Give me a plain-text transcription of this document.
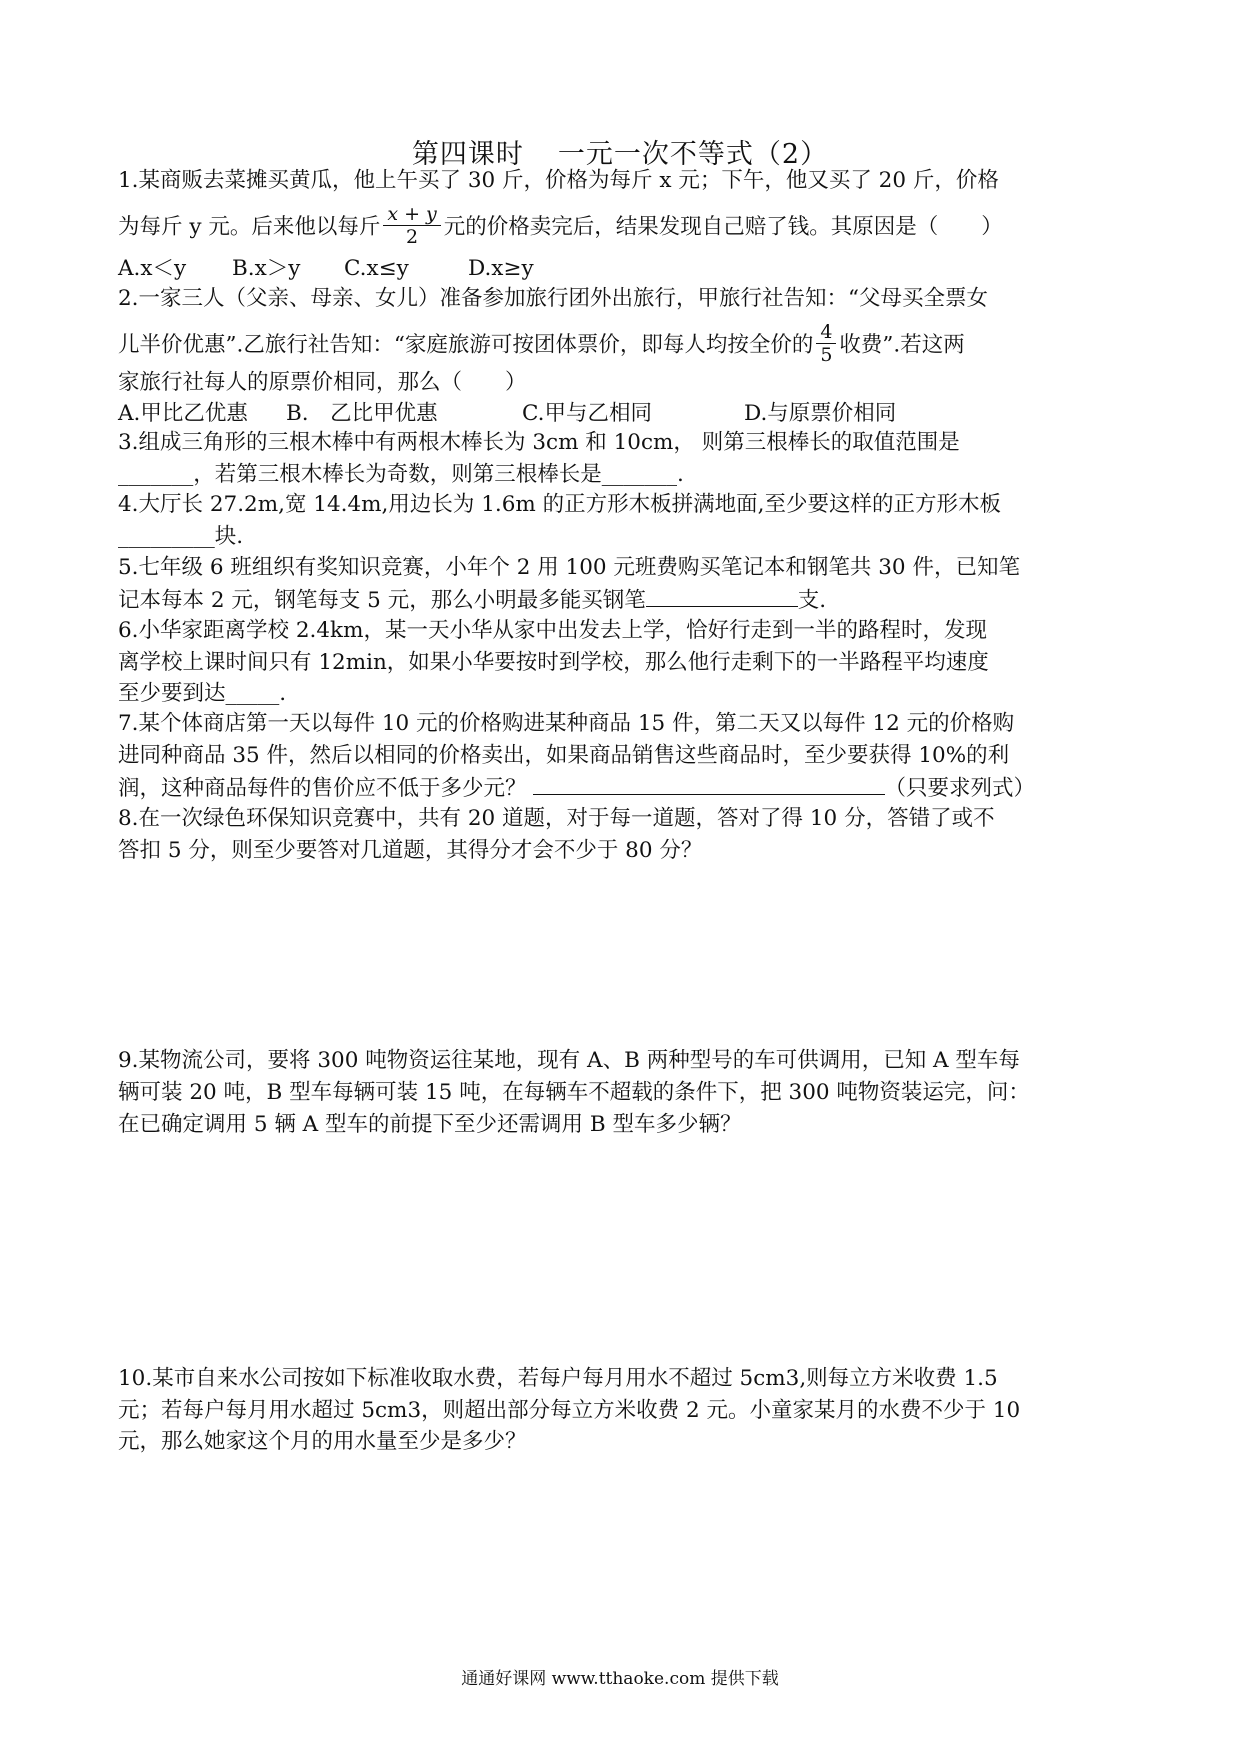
第四课时 一元一次不等式（2）
1.某商贩去菜摊买黄瓜，他上午买了 30 斤，价格为每斤 x 元；下午，他又买了 20 斤，价格
为每斤 y 元。后来他以每斤 $\frac{x + y}{2}$ 元的价格卖完后，结果发现自己赔了钱。其原因是（　　）
A.x＜y B.x＞y C.x≤y	D.x≥y
2.一家三人（父亲、母亲、女儿）准备参加旅行团外出旅行，甲旅行社告知：“父母买全票女
儿半价优惠”.乙旅行社告知：“家庭旅游可按团体票价，即每人均按全价的 $\frac{4}{5}$ 收费”.若这两
家旅行社每人的原票价相同，那么（　　）
A.甲比乙优惠 B.　乙比甲优惠	C.甲与乙相同	D.与原票价相同
3.组成三角形的三根木棒中有两根木棒长为 3cm 和 10cm， 则第三根棒长的取值范围是
_______，若第三根木棒长为奇数，则第三根棒长是_______.
4.大厅长 27.2m,宽 14.4m,用边长为 1.6m 的正方形木板拼满地面,至少要这样的正方形木板
_________块.
5.七年级 6 班组织有奖知识竞赛，小年个 2 用 100 元班费购买笔记本和钢笔共 30 件，已知笔
记本每本 2 元，钢笔每支 5 元，那么小明最多能买钢笔	支.
6.小华家距离学校 2.4km，某一天小华从家中出发去上学，恰好行走到一半的路程时，发现
离学校上课时间只有 12min，如果小华要按时到学校，那么他行走剩下的一半路程平均速度
至少要到达_____.
7.某个体商店第一天以每件 10 元的价格购进某种商品 15 件，第二天又以每件 12 元的价格购
进同种商品 35 件，然后以相同的价格卖出，如果商品销售这些商品时，至少要获得 10%的利
润，这种商品每件的售价应不低于多少元？	（只要求列式）
8.在一次绿色环保知识竞赛中，共有 20 道题，对于每一道题，答对了得 10 分，答错了或不
答扣 5 分，则至少要答对几道题，其得分才会不少于 80 分？
9.某物流公司，要将 300 吨物资运往某地，现有 A、B 两种型号的车可供调用，已知 A 型车每
辆可装 20 吨，B 型车每辆可装 15 吨，在每辆车不超载的条件下，把 300 吨物资装运完，问：
在已确定调用 5 辆 A 型车的前提下至少还需调用 B 型车多少辆？
10.某市自来水公司按如下标准收取水费，若每户每月用水不超过 5cm3,则每立方米收费 1.5
元；若每户每月用水超过 5cm3，则超出部分每立方米收费 2 元。小童家某月的水费不少于 10
元，那么她家这个月的用水量至少是多少？
通通好课网 www.tthaoke.com 提供下载
